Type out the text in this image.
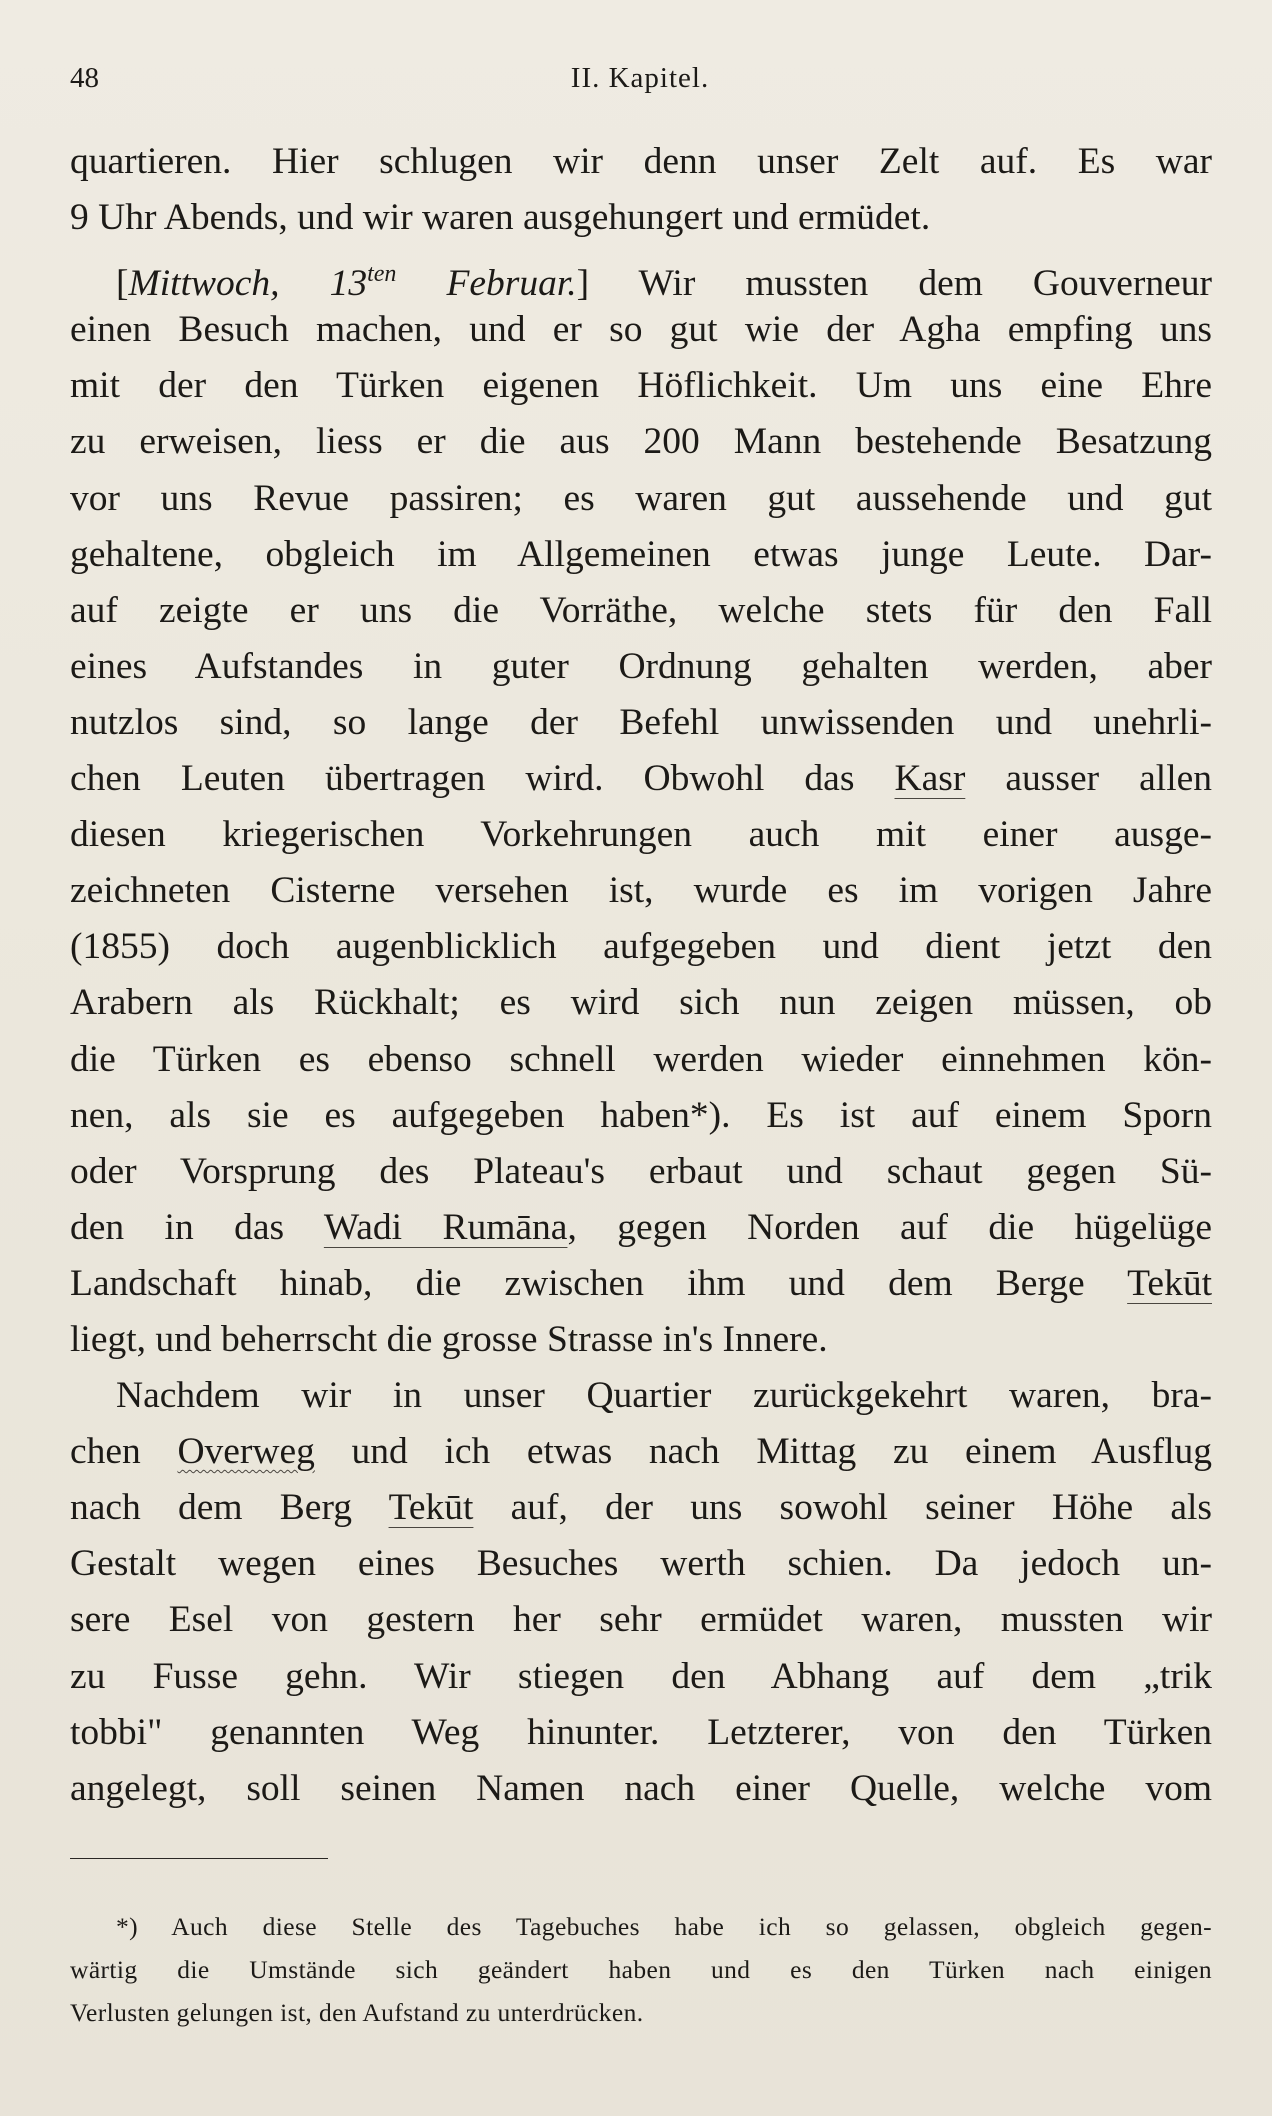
48	II. Kapitel.
quartieren. Hier schlugen wir denn unser Zelt auf. Es war
9 Uhr Abends, und wir waren ausgehungert und ermüdet.
[Mittwoch, $13^{ten}$ Februar.] Wir mussten dem Gouverneur
einen Besuch machen, und er so gut wie der Agha empfing uns
mit der den Türken eigenen Höflichkeit. Um uns eine Ehre
zu erweisen, liess er die aus 200 Mann bestehende Besatzung
vor uns Revue passiren; es waren gut aussehende und gut
gehaltene, obgleich im Allgemeinen etwas junge Leute. Dar-
auf zeigte er uns die Vorräthe, welche stets für den Fall
eines Aufstandes in guter Ordnung gehalten werden, aber
nutzlos sind, so lange der Befehl unwissenden und unehrli-
chen Leuten übertragen wird. Obwohl das Kasr ausser allen
diesen kriegerischen Vorkehrungen auch mit einer ausge-
zeichneten Cisterne versehen ist, wurde es im vorigen Jahre
(1855) doch augenblicklich aufgegeben und dient jetzt den
Arabern als Rückhalt; es wird sich nun zeigen müssen, ob
die Türken es ebenso schnell werden wieder einnehmen kön-
nen, als sie es aufgegeben haben*). Es ist auf einem Sporn
oder Vorsprung des Plateau's erbaut und schaut gegen Sü-
den in das Wadi Rumāna, gegen Norden auf die hügelüge
Landschaft hinab, die zwischen ihm und dem Berge Tekūt
liegt, und beherrscht die grosse Strasse in's Innere.
Nachdem wir in unser Quartier zurückgekehrt waren, bra-
chen Overweg und ich etwas nach Mittag zu einem Ausflug
nach dem Berg Tekūt auf, der uns sowohl seiner Höhe als
Gestalt wegen eines Besuches werth schien. Da jedoch un-
sere Esel von gestern her sehr ermüdet waren, mussten wir
zu Fusse gehn. Wir stiegen den Abhang auf dem „trik
tobbi" genannten Weg hinunter. Letzterer, von den Türken
angelegt, soll seinen Namen nach einer Quelle, welche vom
*) Auch diese Stelle des Tagebuches habe ich so gelassen, obgleich gegen-
wärtig die Umstände sich geändert haben und es den Türken nach einigen
Verlusten gelungen ist, den Aufstand zu unterdrücken.
